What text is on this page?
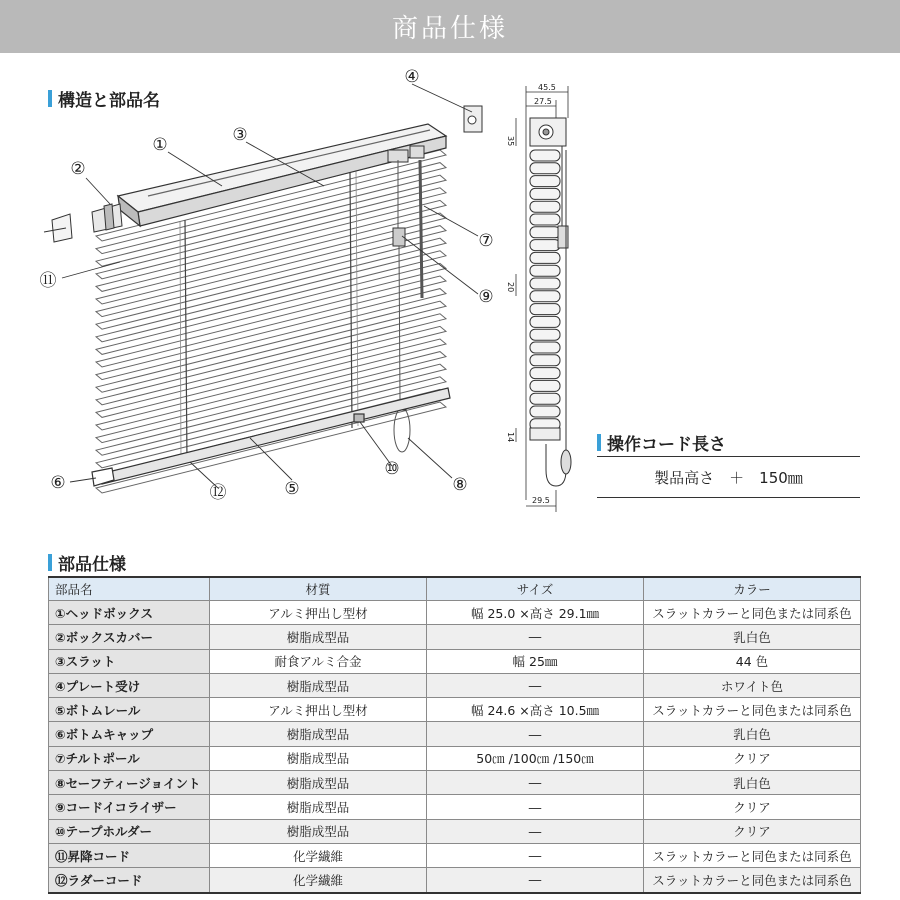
商品仕様
構造と部品名
①
②
③
④
⑤
⑥
⑦
⑧
⑨
⑩
⑪
⑫
45.5
27.5
35
20
14
29.5
操作コード長さ
製品高さ　＋　150㎜
部品仕様
部品名	材質	サイズ	カラー
①ヘッドボックス	アルミ押出し型材	幅 25.0 ×高さ 29.1㎜	スラットカラーと同色または同系色
②ボックスカバー	樹脂成型品	―	乳白色
③スラット	耐食アルミ合金	幅 25㎜	44 色
④プレート受け	樹脂成型品	―	ホワイト色
⑤ボトムレール	アルミ押出し型材	幅 24.6 ×高さ 10.5㎜	スラットカラーと同色または同系色
⑥ボトムキャップ	樹脂成型品	―	乳白色
⑦チルトポール	樹脂成型品	50㎝ /100㎝ /150㎝	クリア
⑧セーフティージョイント	樹脂成型品	―	乳白色
⑨コードイコライザー	樹脂成型品	―	クリア
⑩テープホルダー	樹脂成型品	―	クリア
⑪昇降コード	化学繊維	―	スラットカラーと同色または同系色
⑫ラダーコード	化学繊維	―	スラットカラーと同色または同系色
